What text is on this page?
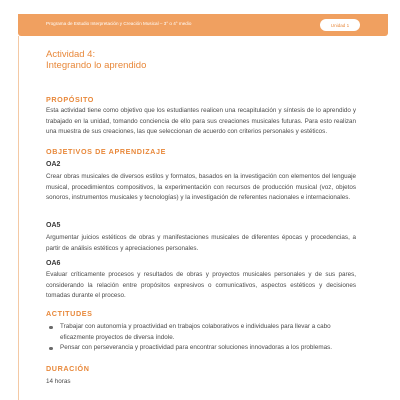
Programa de Estudio Interpretación y Creación Musical – 3° o 4° medio	Unidad 1
Actividad 4:
Integrando lo aprendido
PROPÓSITO
Esta actividad tiene como objetivo que los estudiantes realicen una recapitulación y síntesis de lo aprendido y trabajado en la unidad, tomando conciencia de ello para sus creaciones musicales futuras. Para esto realizan una muestra de sus creaciones, las que seleccionan de acuerdo con criterios personales y estéticos.
OBJETIVOS DE APRENDIZAJE
OA2
Crear obras musicales de diversos estilos y formatos, basados en la investigación con elementos del lenguaje musical, procedimientos compositivos, la experimentación con recursos de producción musical (voz, objetos sonoros, instrumentos musicales y tecnologías) y la investigación de referentes nacionales e internacionales.
OA5
Argumentar juicios estéticos de obras y manifestaciones musicales de diferentes épocas y procedencias, a partir de análisis estéticos y apreciaciones personales.
OA6
Evaluar críticamente procesos y resultados de obras y proyectos musicales personales y de sus pares, considerando la relación entre propósitos expresivos o comunicativos, aspectos estéticos y decisiones tomadas durante el proceso.
ACTITUDES
Trabajar con autonomía y proactividad en trabajos colaborativos e individuales para llevar a cabo eficazmente proyectos de diversa índole.
Pensar con perseverancia y proactividad para encontrar soluciones innovadoras a los problemas.
DURACIÓN
14 horas
